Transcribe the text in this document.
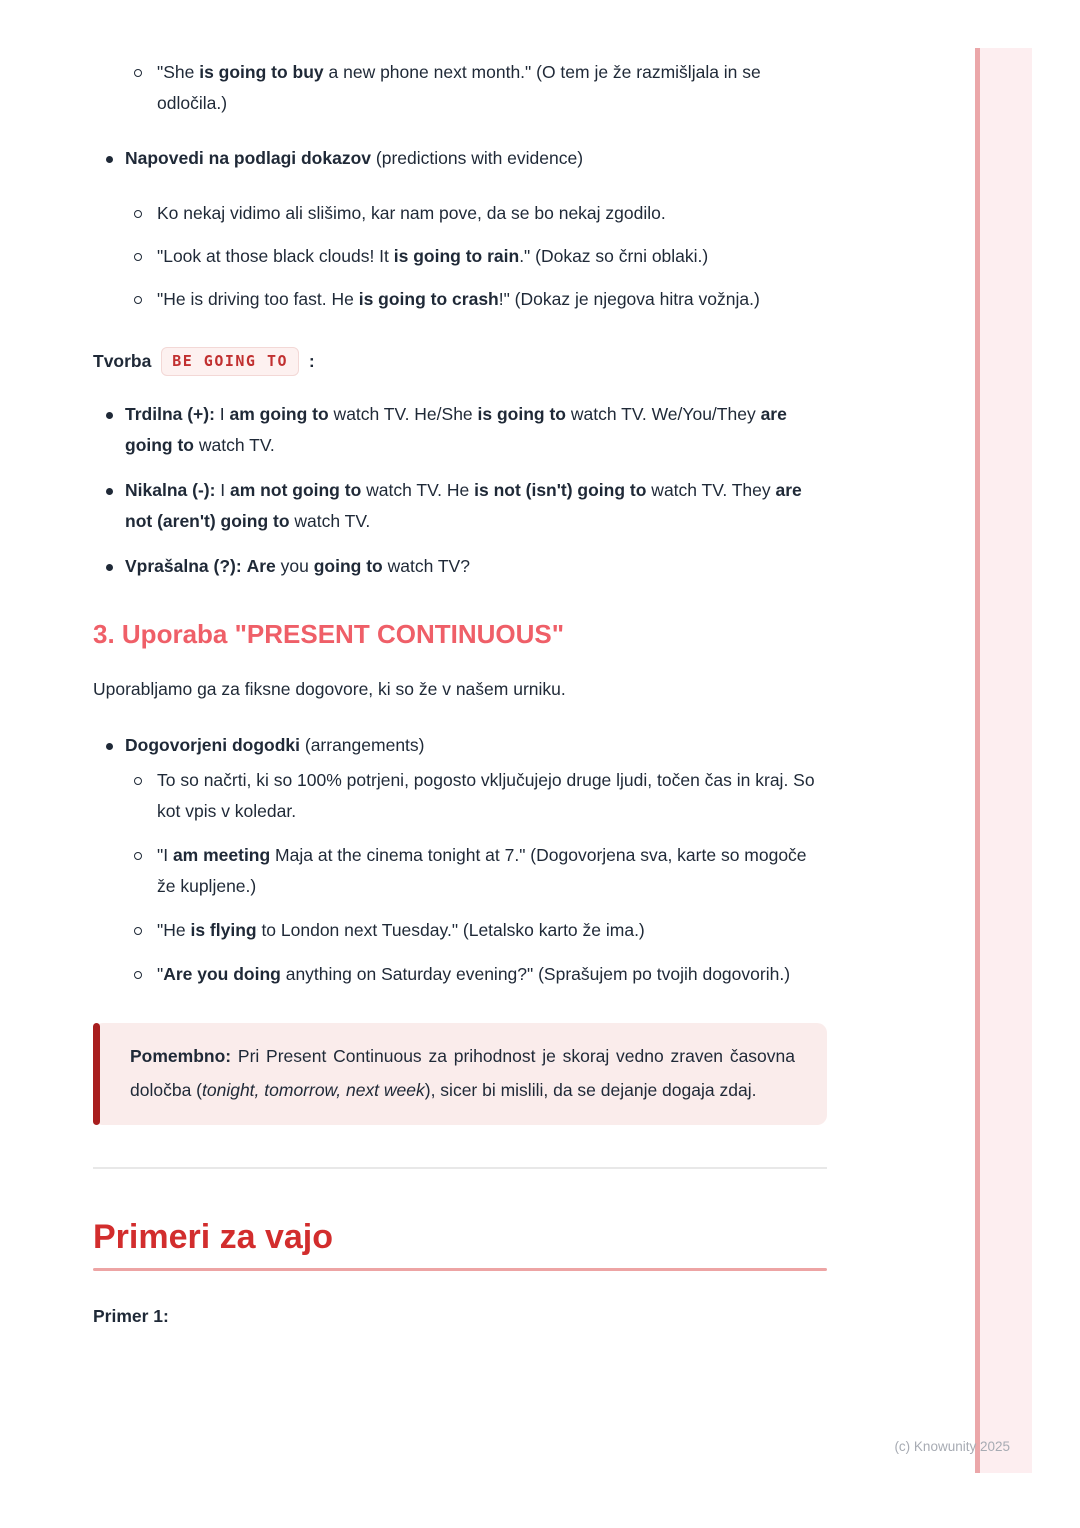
"She is going to buy a new phone next month." (O tem je že razmišljala in se odločila.)
Napovedi na podlagi dokazov (predictions with evidence)
Ko nekaj vidimo ali slišimo, kar nam pove, da se bo nekaj zgodilo.
"Look at those black clouds! It is going to rain." (Dokaz so črni oblaki.)
"He is driving too fast. He is going to crash!" (Dokaz je njegova hitra vožnja.)

Tvorba BE GOING TO :

Trdilna (+): I am going to watch TV. He/She is going to watch TV. We/You/They are going to watch TV.
Nikalna (-): I am not going to watch TV. He is not (isn't) going to watch TV. They are not (aren't) going to watch TV.
Vprašalna (?): Are you going to watch TV?
3. Uporaba "PRESENT CONTINUOUS"

Uporabljamo ga za fiksne dogovore, ki so že v našem urniku.

Dogovorjeni dogodki (arrangements)
To so načrti, ki so 100% potrjeni, pogosto vključujejo druge ljudi, točen čas in kraj. So kot vpis v koledar.
"I am meeting Maja at the cinema tonight at 7." (Dogovorjena sva, karte so mogoče že kupljene.)
"He is flying to London next Tuesday." (Letalsko karto že ima.)
"Are you doing anything on Saturday evening?" (Sprašujem po tvojih dogovorih.)

Pomembno: Pri Present Continuous za prihodnost je skoraj vedno zraven časovna določba (tonight, tomorrow, next week), sicer bi mislili, da se dejanje dogaja zdaj.

Primeri za vajo

Primer 1:

(c) Knowunity 2025
